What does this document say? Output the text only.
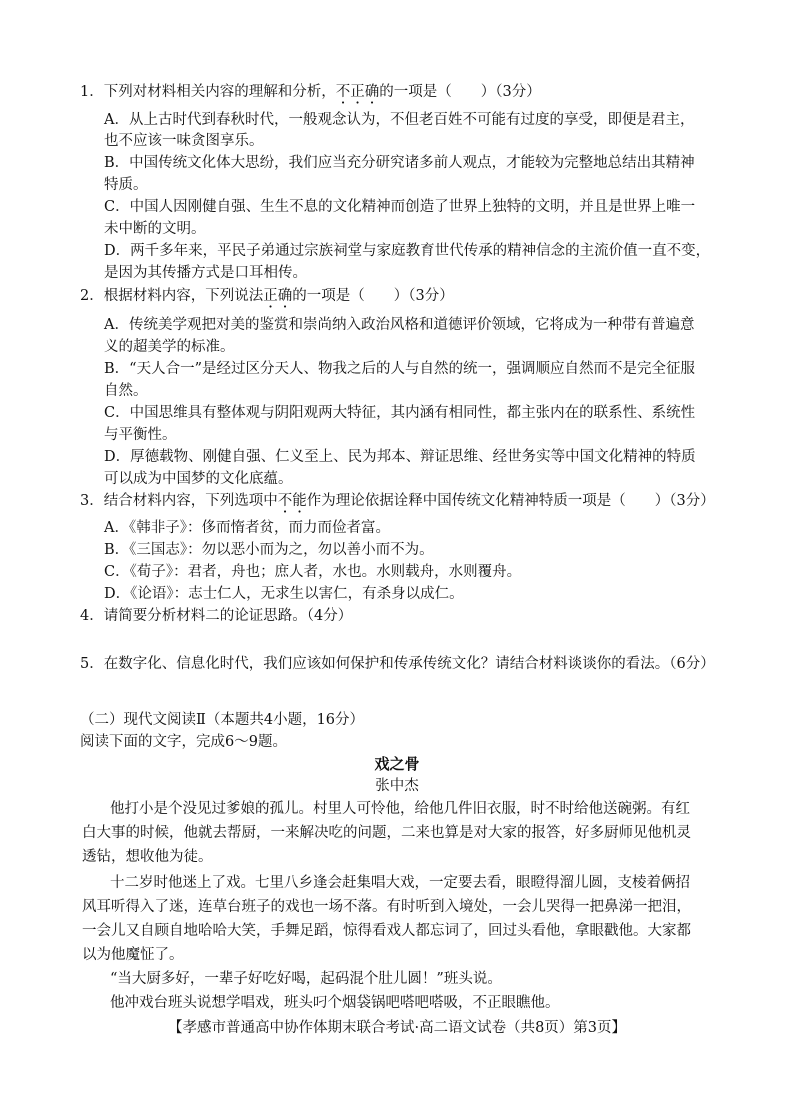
1．下列对材料相关内容的理解和分析，不正确的一项是（　　）（3分）
A．从上古时代到春秋时代，一般观念认为，不但老百姓不可能有过度的享受，即便是君主，
也不应该一味贪图享乐。
B．中国传统文化体大思纷，我们应当充分研究诸多前人观点，才能较为完整地总结出其精神
特质。
C．中国人因刚健自强、生生不息的文化精神而创造了世界上独特的文明，并且是世界上唯一
未中断的文明。
D．两千多年来，平民子弟通过宗族祠堂与家庭教育世代传承的精神信念的主流价值一直不变，
是因为其传播方式是口耳相传。
2．根据材料内容，下列说法正确的一项是（　　）（3分）
A．传统美学观把对美的鉴赏和崇尚纳入政治风格和道德评价领域，它将成为一种带有普遍意
义的超美学的标准。
B．“天人合一”是经过区分天人、物我之后的人与自然的统一，强调顺应自然而不是完全征服
自然。
C．中国思维具有整体观与阴阳观两大特征，其内涵有相同性，都主张内在的联系性、系统性
与平衡性。
D．厚德载物、刚健自强、仁义至上、民为邦本、辩证思维、经世务实等中国文化精神的特质
可以成为中国梦的文化底蕴。
3．结合材料内容，下列选项中不能作为理论依据诠释中国传统文化精神特质一项是（　　）（3分）
A．《韩非子》：侈而惰者贫，而力而俭者富。
B．《三国志》：勿以恶小而为之，勿以善小而不为。
C．《荀子》：君者，舟也；庶人者，水也。水则载舟，水则覆舟。
D．《论语》：志士仁人，无求生以害仁，有杀身以成仁。
4．请简要分析材料二的论证思路。（4分）
5．在数字化、信息化时代，我们应该如何保护和传承传统文化？请结合材料谈谈你的看法。（6分）
（二）现代文阅读Ⅱ（本题共4小题，16分）
阅读下面的文字，完成6～9题。
戏之骨
张中杰
他打小是个没见过爹娘的孤儿。村里人可怜他，给他几件旧衣服，时不时给他送碗粥。有红
白大事的时候，他就去帮厨，一来解决吃的问题，二来也算是对大家的报答，好多厨师见他机灵
透钻，想收他为徒。
十二岁时他迷上了戏。七里八乡逢会赶集唱大戏，一定要去看，眼瞪得溜儿圆，支棱着俩招
风耳听得入了迷，连草台班子的戏也一场不落。有时听到入境处，一会儿哭得一把鼻涕一把泪，
一会儿又自顾自地哈哈大笑，手舞足蹈，惊得看戏人都忘词了，回过头看他，拿眼戳他。大家都
以为他魔怔了。
“当大厨多好，一辈子好吃好喝，起码混个肚儿圆！”班头说。
他冲戏台班头说想学唱戏，班头叼个烟袋锅吧嗒吧嗒吸，不正眼瞧他。
【孝感市普通高中协作体期末联合考试·高二语文试卷（共8页）第3页】
